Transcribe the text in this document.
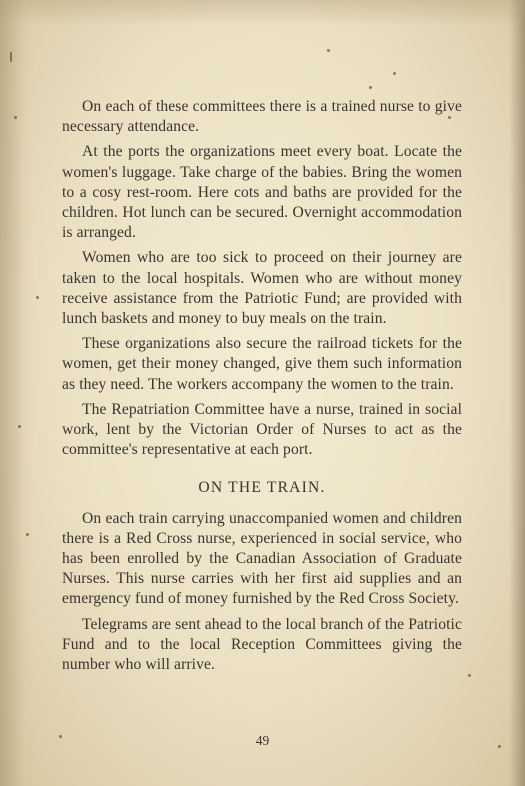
On each of these committees there is a trained nurse to give necessary attendance.

At the ports the organizations meet every boat. Locate the women's luggage. Take charge of the babies. Bring the women to a cosy rest-room. Here cots and baths are provided for the children. Hot lunch can be secured. Overnight accommodation is arranged.

Women who are too sick to proceed on their journey are taken to the local hospitals. Women who are without money receive assistance from the Patriotic Fund; are provided with lunch baskets and money to buy meals on the train.

These organizations also secure the railroad tickets for the women, get their money changed, give them such information as they need. The workers accompany the women to the train.

The Repatriation Committee have a nurse, trained in social work, lent by the Victorian Order of Nurses to act as the committee's representative at each port.

ON THE TRAIN.

On each train carrying unaccompanied women and children there is a Red Cross nurse, experienced in social service, who has been enrolled by the Canadian Association of Graduate Nurses. This nurse carries with her first aid supplies and an emergency fund of money furnished by the Red Cross Society.

Telegrams are sent ahead to the local branch of the Patriotic Fund and to the local Reception Committees giving the number who will arrive.

49
